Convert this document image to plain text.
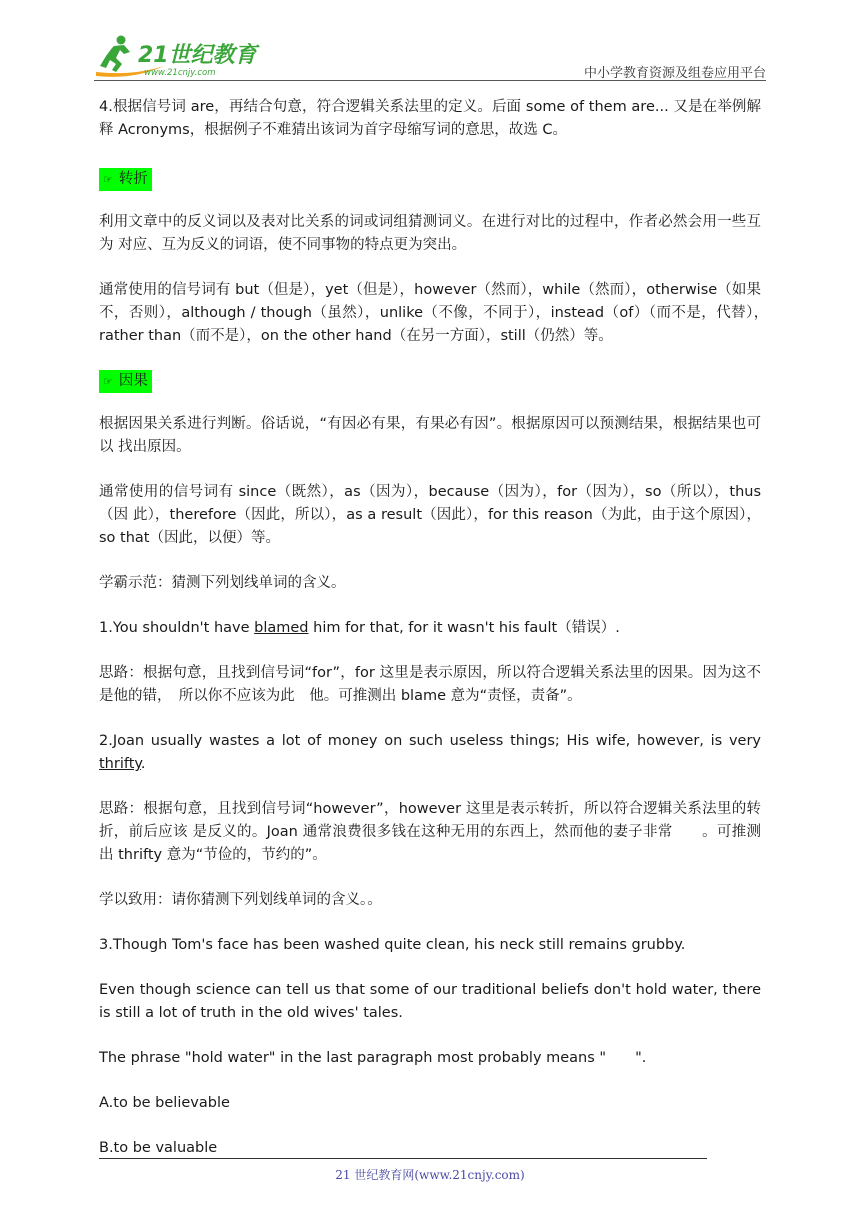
21世纪教育
www.21cnjy.com	中小学教育资源及组卷应用平台

4.根据信号词 are，再结合句意，符合逻辑关系法里的定义。后面 some of them are... 又是在举例解释 Acronyms，根据例子不难猜出该词为首字母缩写词的意思，故选 C。

☞ 转折

利用文章中的反义词以及表对比关系的词或词组猜测词义。在进行对比的过程中，作者必然会用一些互为 对应、互为反义的词语，使不同事物的特点更为突出。

通常使用的信号词有 but（但是），yet（但是），however（然而），while（然而），otherwise（如果　不，否则），although / though（虽然），unlike（不像，不同于），instead（of）（而不是，代替），　rather than（而不是），on the other hand（在另一方面），still（仍然）等。

☞ 因果

根据因果关系进行判断。俗话说，“有因必有果，有果必有因”。根据原因可以预测结果，根据结果也可以 找出原因。

通常使用的信号词有 since（既然），as（因为），because（因为），for（因为），so（所以），thus（因 此），therefore（因此，所以），as a result（因此），for this reason（为此，由于这个原因），so that（因此，以便）等。

学霸示范：猜测下列划线单词的含义。

1.You shouldn't have blamed him for that, for it wasn't his fault（错误）.

思路：根据句意，且找到信号词“for”，for 这里是表示原因，所以符合逻辑关系法里的因果。因为这不是他的错，　所以你不应该为此　他。可推测出 blame 意为“责怪，责备”。

2.Joan usually wastes a lot of money on such useless things; His wife, however, is very thrifty.

思路：根据句意，且找到信号词“however”，however 这里是表示转折，所以符合逻辑关系法里的转折，前后应该 是反义的。Joan 通常浪费很多钱在这种无用的东西上，然而他的妻子非常　　。可推测出 thrifty 意为“节俭的，节约的”。

学以致用：请你猜测下列划线单词的含义。。

3.Though Tom's face has been washed quite clean, his neck still remains grubby.

Even though science can tell us that some of our traditional beliefs don't hold water, there is still a lot of truth in the old wives' tales.

The phrase "hold water" in the last paragraph most probably means "　　".

A.to be believable

B.to be valuable

21 世纪教育网(www.21cnjy.com)
